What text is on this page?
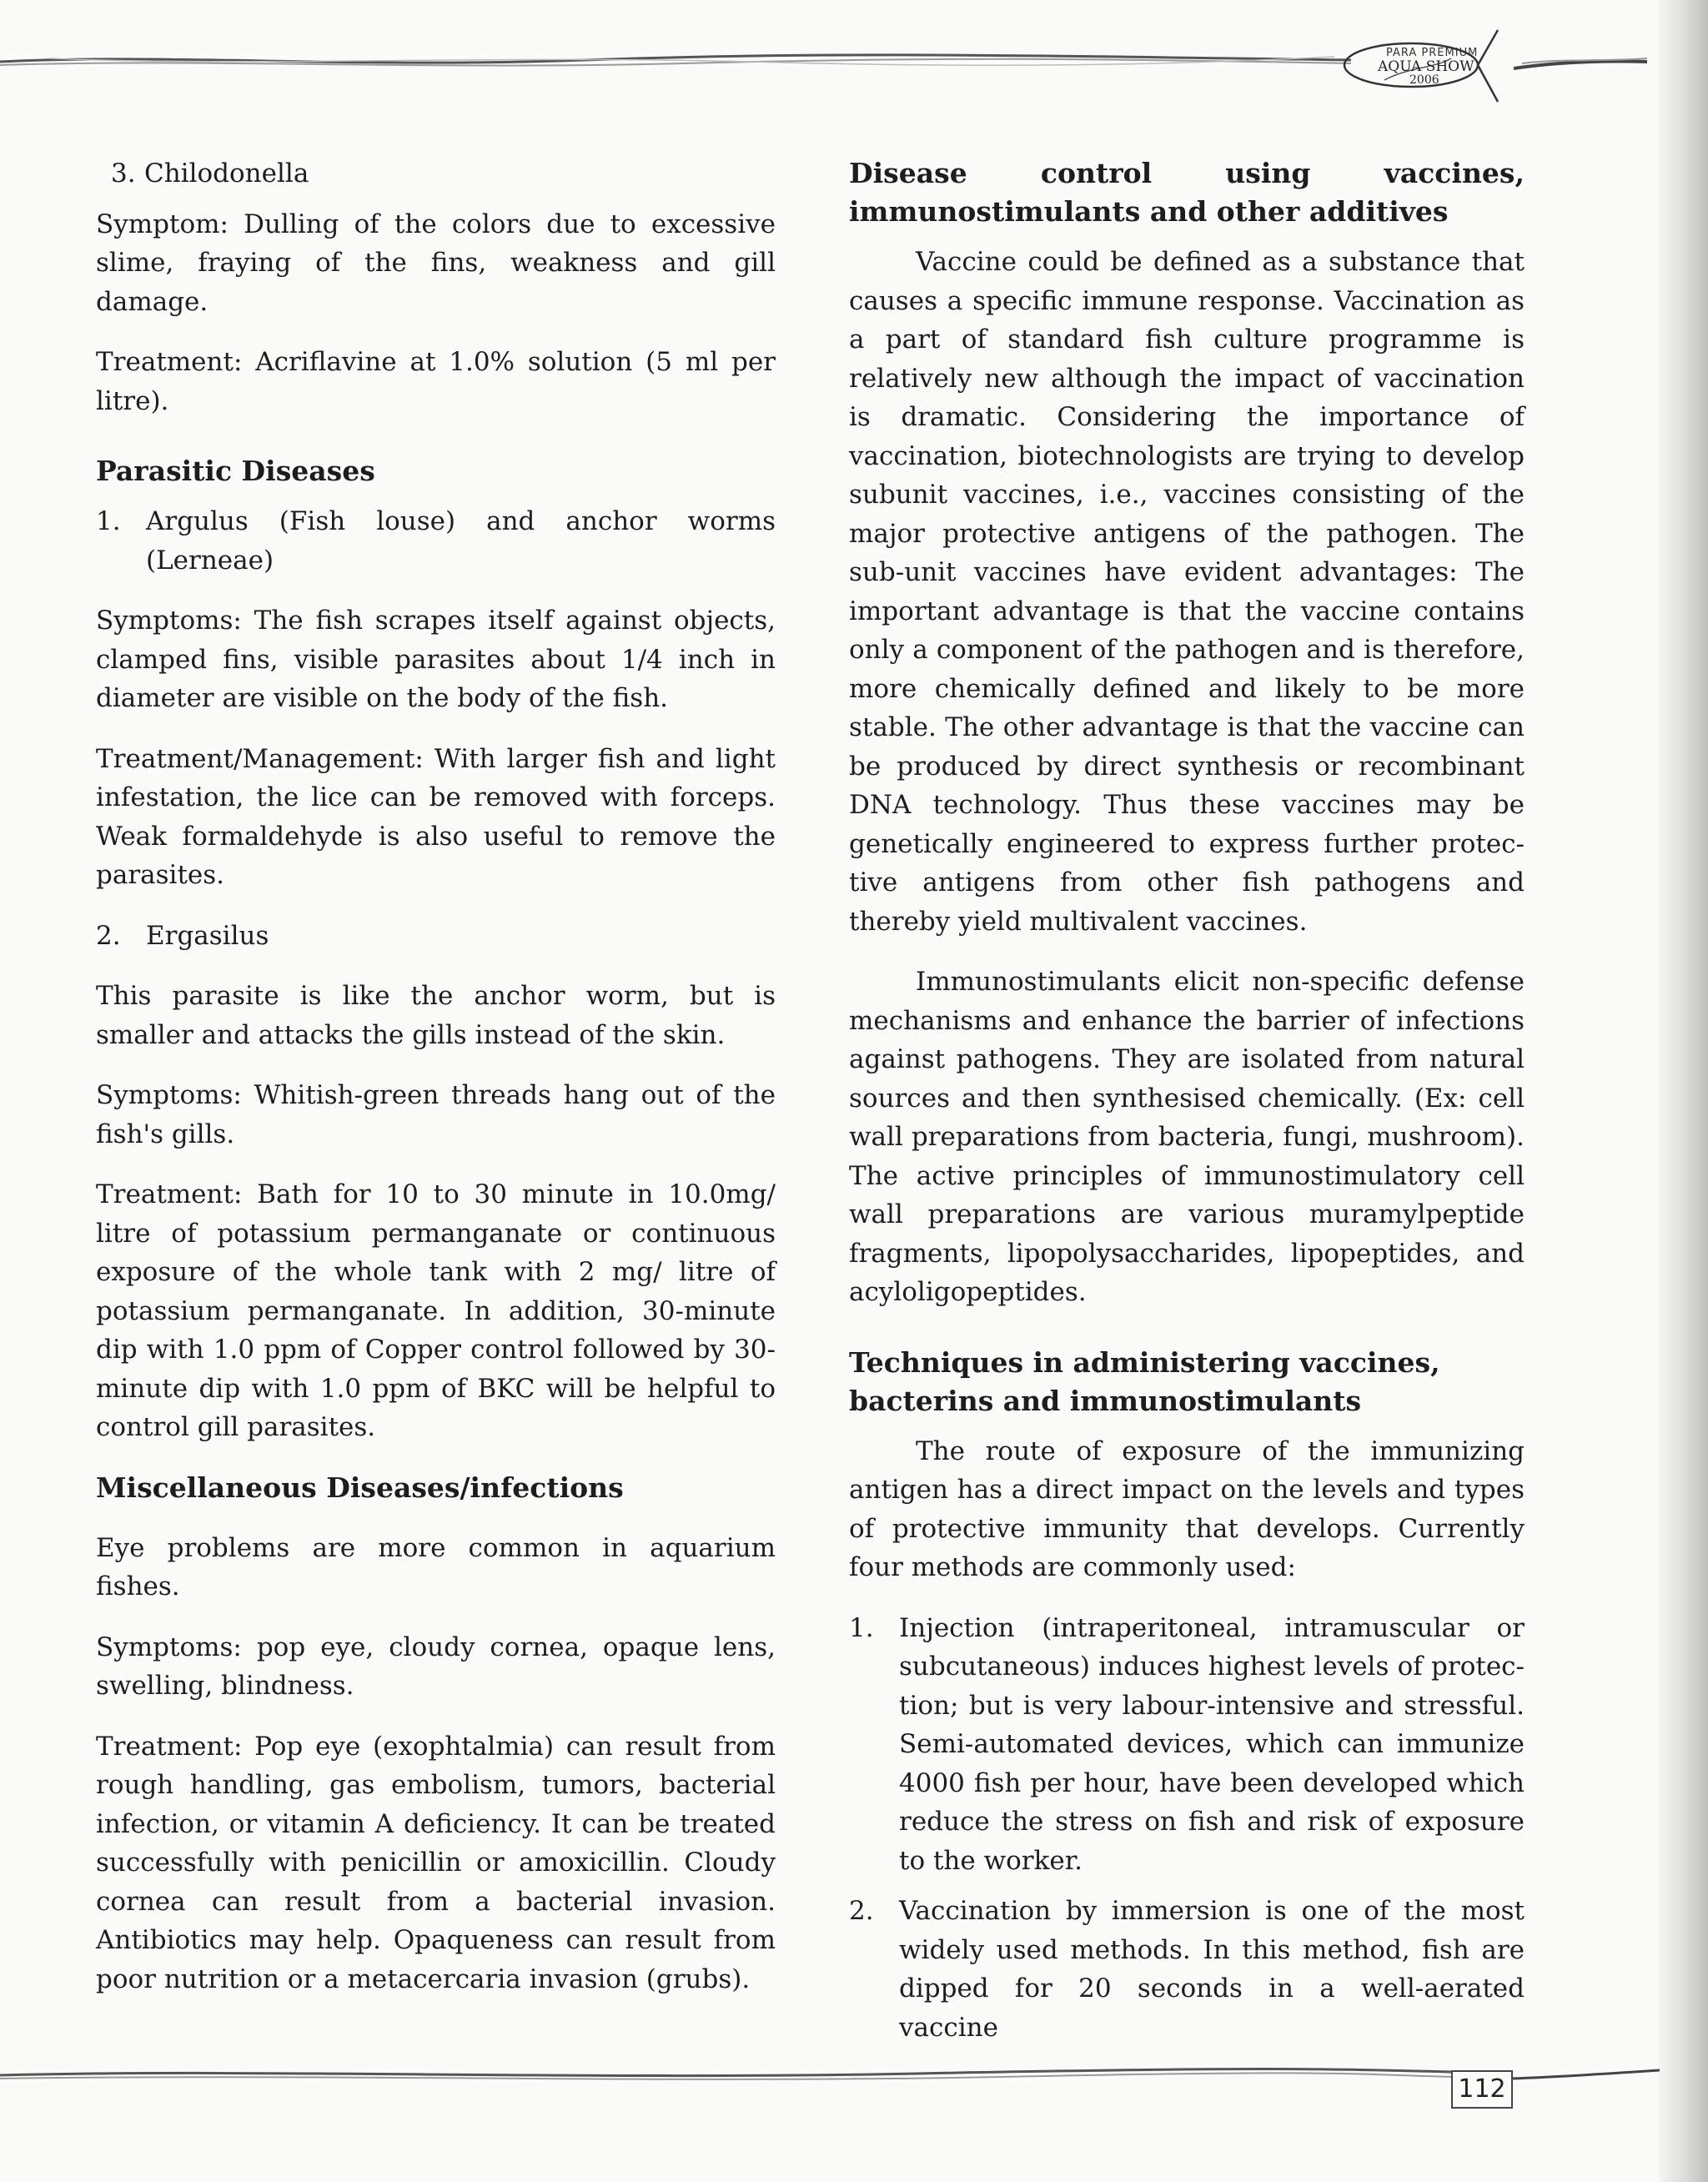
PARA PREMIUM
AQUA SHOW
2006
112
3. Chilodonella

Symptom: Dulling of the colors due to excessive slime, fraying of the fins, weakness and gill damage.

Treatment: Acriflavine at 1.0% solution (5 ml per litre).

Parasitic Diseases
1. Argulus (Fish louse) and anchor worms (Lerneae)

Symptoms: The fish scrapes itself against objects, clamped fins, visible parasites about 1/4 inch in diameter are visible on the body of the fish.

Treatment/Management: With larger fish and light infestation, the lice can be removed with forceps. Weak formaldehyde is also useful to remove the parasites.

2. Ergasilus

This parasite is like the anchor worm, but is smaller and attacks the gills instead of the skin.

Symptoms: Whitish-green threads hang out of the fish's gills.

Treatment: Bath for 10 to 30 minute in 10.0mg/ litre of potassium permanganate or continuous exposure of the whole tank with 2 mg/ litre of potassium permanganate. In addition, 30-minute dip with 1.0 ppm of Copper control followed by 30-minute dip with 1.0 ppm of BKC will be helpful to control gill parasites.

Miscellaneous Diseases/infections

Eye problems are more common in aquarium fishes.

Symptoms: pop eye, cloudy cornea, opaque lens, swelling, blindness.

Treatment: Pop eye (exophtalmia) can result from rough handling, gas embolism, tumors, bacterial infection, or vitamin A deficiency. It can be treated successfully with penicillin or amoxicillin. Cloudy cornea can result from a bacterial invasion. Antibiotics may help. Opaqueness can result from poor nutrition or a metacercaria invasion (grubs).

Disease control using vaccines, immunostimulants and other additives

Vaccine could be defined as a substance that causes a specific immune response. Vaccination as a part of standard fish culture programme is relatively new although the impact of vaccination is dramatic. Considering the importance of vaccination, biotechnologists are trying to develop subunit vaccines, i.e., vaccines consisting of the major protective antigens of the pathogen. The sub-unit vaccines have evident advantages: The important advantage is that the vaccine contains only a component of the pathogen and is therefore, more chemically defined and likely to be more stable. The other advantage is that the vaccine can be produced by direct synthesis or recombinant DNA technology. Thus these vaccines may be genetically engineered to express further protec-tive antigens from other fish pathogens and thereby yield multivalent vaccines.

Immunostimulants elicit non-specific defense mechanisms and enhance the barrier of infections against pathogens. They are isolated from natural sources and then synthesised chemically. (Ex: cell wall preparations from bacteria, fungi, mushroom). The active principles of immunostimulatory cell wall preparations are various muramylpeptide fragments, lipopolysaccharides, lipopeptides, and acyloligopeptides.

Techniques in administering vaccines, bacterins and immunostimulants

The route of exposure of the immunizing antigen has a direct impact on the levels and types of protective immunity that develops. Currently four methods are commonly used:

1. Injection (intraperitoneal, intramuscular or subcutaneous) induces highest levels of protec-tion; but is very labour-intensive and stressful. Semi-automated devices, which can immunize 4000 fish per hour, have been developed which reduce the stress on fish and risk of exposure to the worker.
2. Vaccination by immersion is one of the most widely used methods. In this method, fish are dipped for 20 seconds in a well-aerated vaccine
